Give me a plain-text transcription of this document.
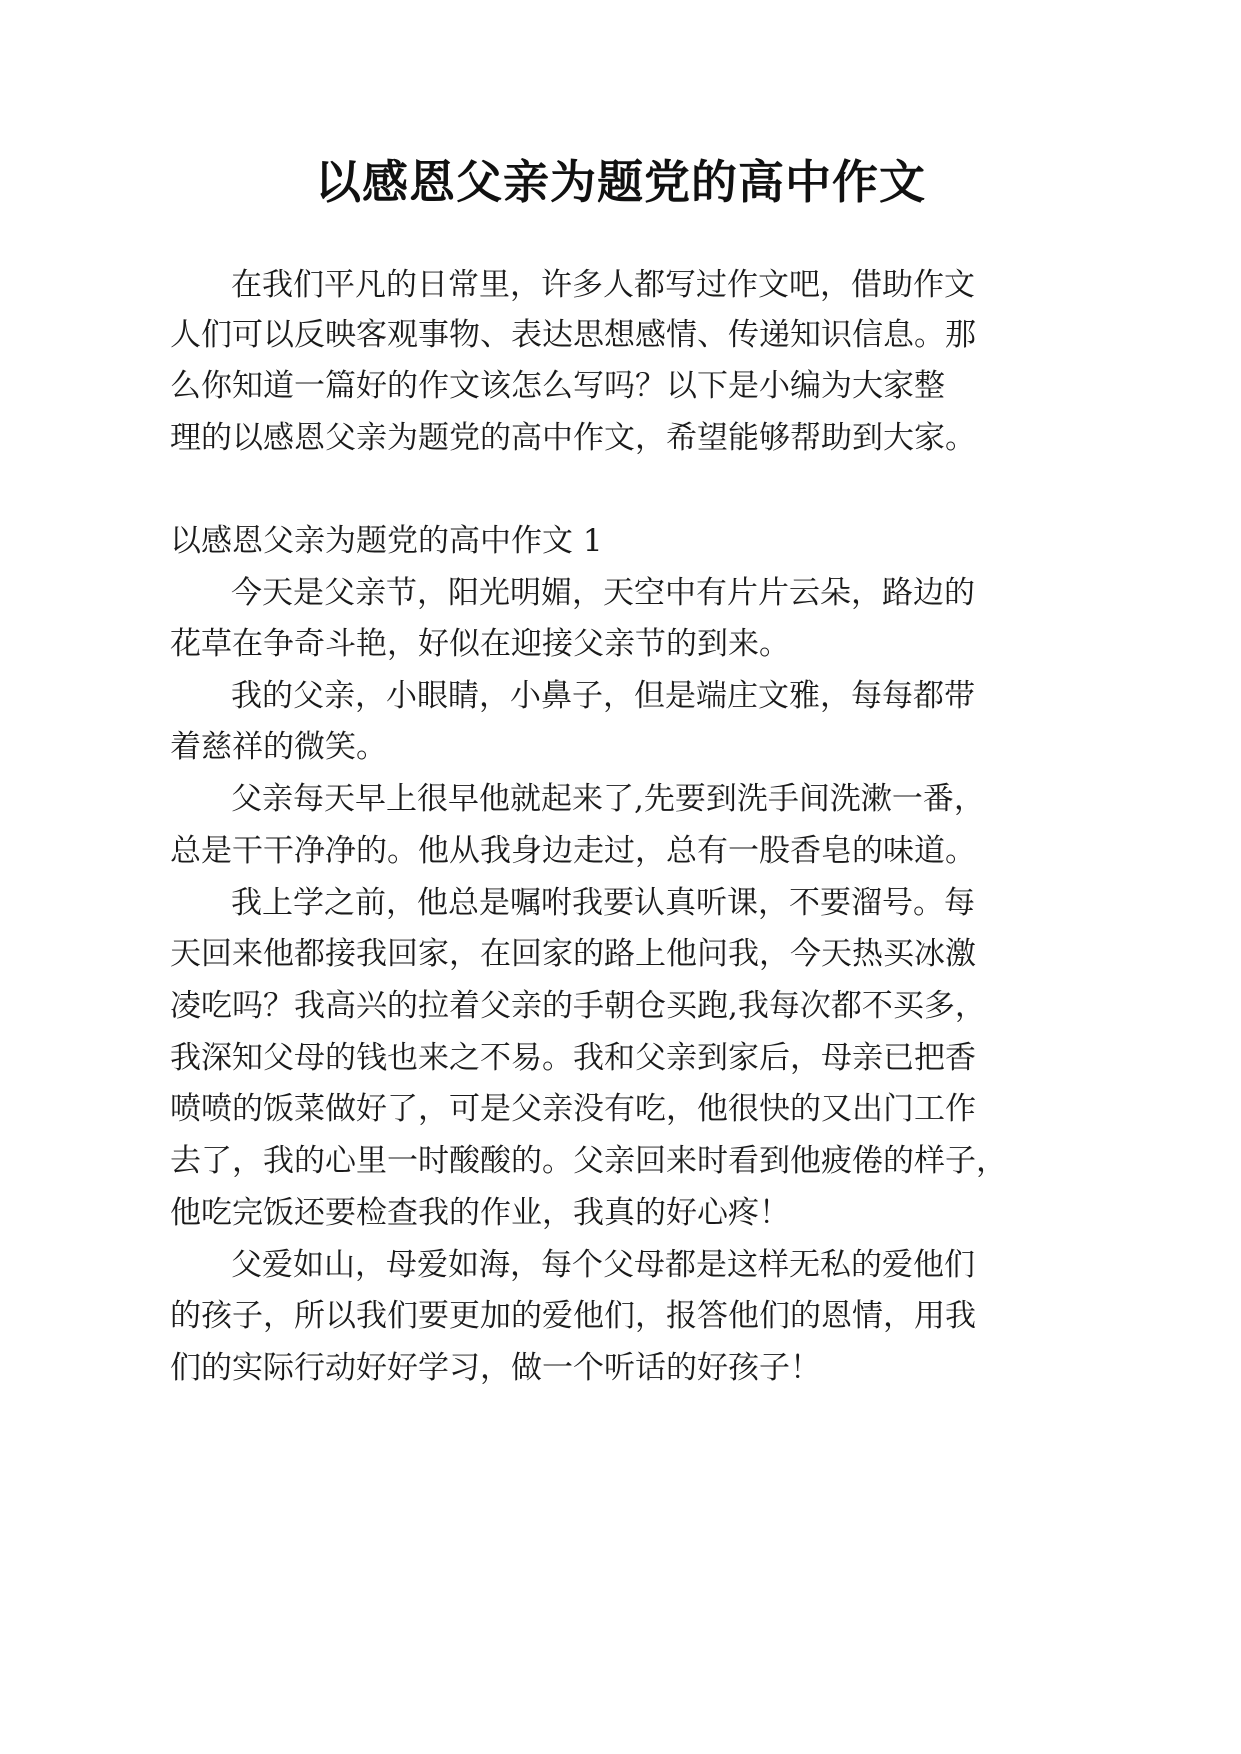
以感恩父亲为题党的高中作文
在我们平凡的日常里，许多人都写过作文吧，借助作文
人们可以反映客观事物、表达思想感情、传递知识信息。那
么你知道一篇好的作文该怎么写吗？以下是小编为大家整
理的以感恩父亲为题党的高中作文，希望能够帮助到大家。
以感恩父亲为题党的高中作文 1
今天是父亲节，阳光明媚，天空中有片片云朵，路边的
花草在争奇斗艳，好似在迎接父亲节的到来。
我的父亲，小眼睛，小鼻子，但是端庄文雅，每每都带
着慈祥的微笑。
父亲每天早上很早他就起来了,先要到洗手间洗漱一番，
总是干干净净的。他从我身边走过，总有一股香皂的味道。
我上学之前，他总是嘱咐我要认真听课，不要溜号。每
天回来他都接我回家，在回家的路上他问我，今天热买冰激
凌吃吗？我高兴的拉着父亲的手朝仓买跑,我每次都不买多，
我深知父母的钱也来之不易。我和父亲到家后，母亲已把香
喷喷的饭菜做好了，可是父亲没有吃，他很快的又出门工作
去了，我的心里一时酸酸的。父亲回来时看到他疲倦的样子，
他吃完饭还要检查我的作业，我真的好心疼！
父爱如山，母爱如海，每个父母都是这样无私的爱他们
的孩子，所以我们要更加的爱他们，报答他们的恩情，用我
们的实际行动好好学习，做一个听话的好孩子！
